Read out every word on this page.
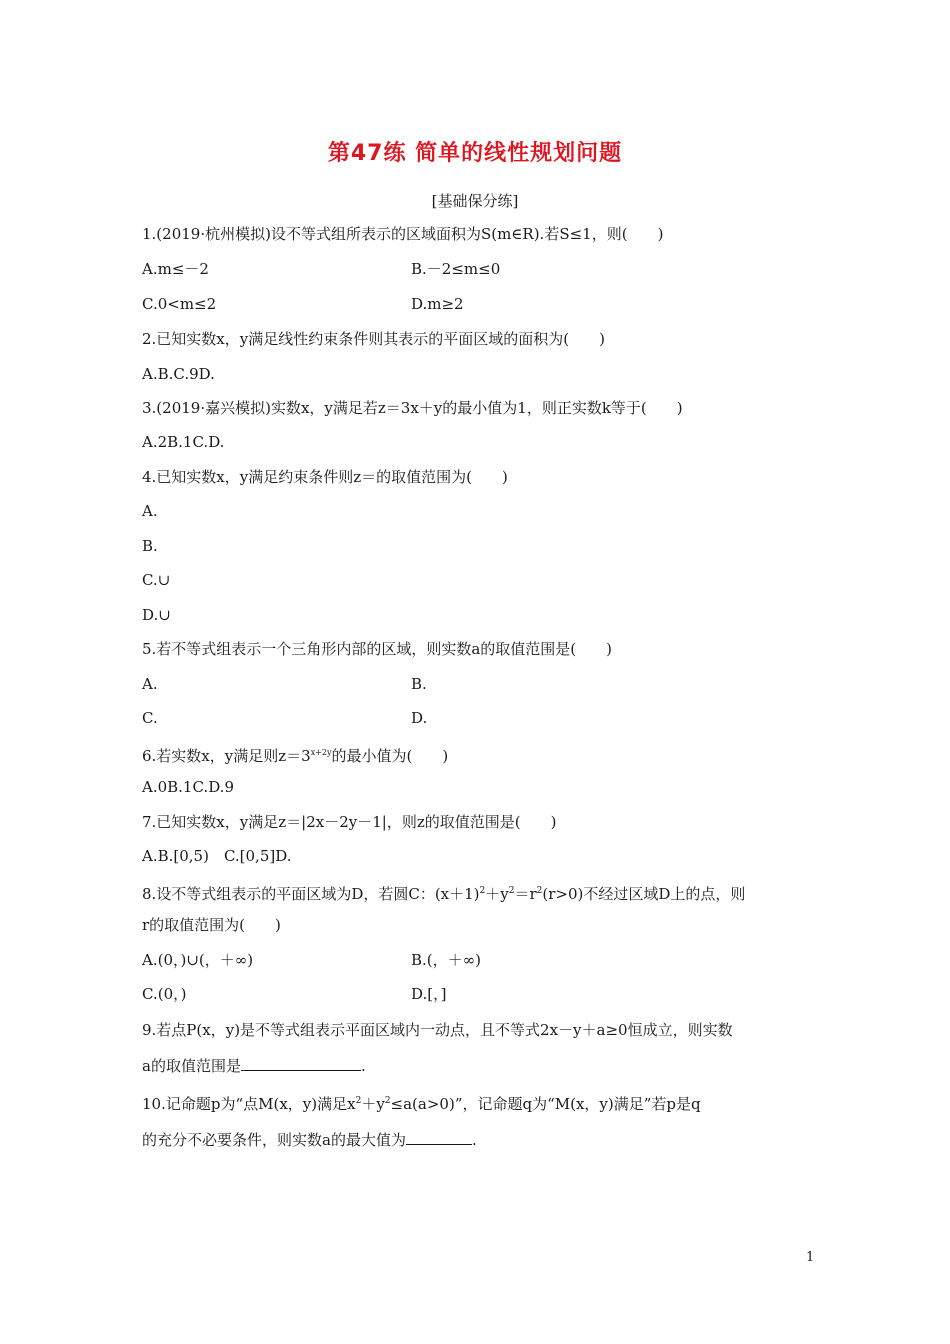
第47练 简单的线性规划问题
[基础保分练]
1.(2019·杭州模拟)设不等式组所表示的区域面积为S(m∈R).若S≤1，则(　　)
A.m≤－2	B.－2≤m≤0
C.0<m≤2	D.m≥2
2.已知实数x，y满足线性约束条件则其表示的平面区域的面积为(　　)
A.B.C.9D.
3.(2019·嘉兴模拟)实数x，y满足若z＝3x＋y的最小值为1，则正实数k等于(　　)
A.2B.1C.D.
4.已知实数x，y满足约束条件则z＝的取值范围为(　　)
A.
B.
C.∪
D.∪
5.若不等式组表示一个三角形内部的区域，则实数a的取值范围是(　　)
A.	B.
C.	D.
6.若实数x，y满足则$z=3^{x+2y}$的最小值为(　　)
A.0B.1C.D.9
7.已知实数x，y满足z＝|2x－2y－1|，则z的取值范围是(　　)
A.B.[0,5)　C.[0,5]D.
8.设不等式组表示的平面区域为D，若圆C：$(x+1)^2+y^2=r^2(r>0)$不经过区域D上的点，则
r的取值范围为(　　)
A.(0，)∪(，＋∞)	B.(，＋∞)
C.(0，)	D.[，]
9.若点P(x，y)是不等式组表示平面区域内一动点，且不等式2x－y＋a≥0恒成立，则实数
a的取值范围是	.
10.记命题p为“点M(x，y)满足$x^2+y^2\le a(a>0)$”，记命题q为“M(x，y)满足”若p是q
的充分不必要条件，则实数a的最大值为	.
1
